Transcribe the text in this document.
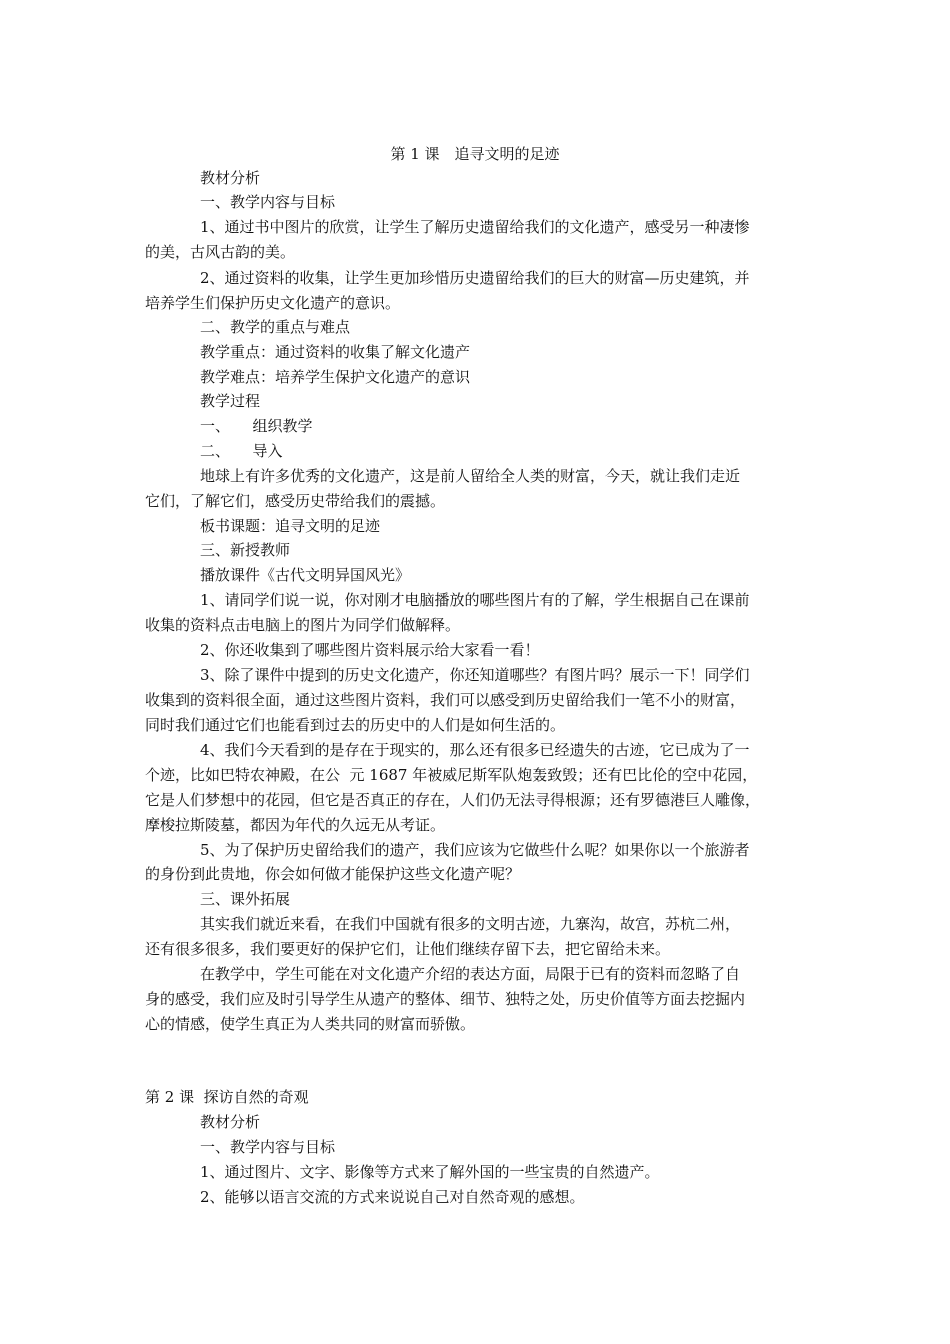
第 1 课　追寻文明的足迹

教材分析

一、教学内容与目标

1、通过书中图片的欣赏，让学生了解历史遗留给我们的文化遗产，感受另一种凄惨

的美，古风古韵的美。

2、通过资料的收集，让学生更加珍惜历史遗留给我们的巨大的财富—历史建筑，并

培养学生们保护历史文化遗产的意识。

二、教学的重点与难点

教学重点：通过资料的收集了解文化遗产

教学难点：培养学生保护文化遗产的意识

教学过程

一、　　组织教学

二、　　导入

地球上有许多优秀的文化遗产，这是前人留给全人类的财富，今天，就让我们走近

它们，了解它们，感受历史带给我们的震撼。

板书课题：追寻文明的足迹

三、新授教师

播放课件《古代文明异国风光》

1、请同学们说一说，你对刚才电脑播放的哪些图片有的了解，学生根据自己在课前

收集的资料点击电脑上的图片为同学们做解释。

2、你还收集到了哪些图片资料展示给大家看一看！

3、除了课件中提到的历史文化遗产，你还知道哪些？有图片吗？展示一下！同学们

收集到的资料很全面，通过这些图片资料，我们可以感受到历史留给我们一笔不小的财富，

同时我们通过它们也能看到过去的历史中的人们是如何生活的。

4、我们今天看到的是存在于现实的，那么还有很多已经遗失的古迹，它已成为了一

个迹，比如巴特农神殿，在公  元 1687 年被威尼斯军队炮轰致毁；还有巴比伦的空中花园，

它是人们梦想中的花园，但它是否真正的存在，人们仍无法寻得根源；还有罗德港巨人雕像，

摩梭拉斯陵墓，都因为年代的久远无从考证。

5、为了保护历史留给我们的遗产，我们应该为它做些什么呢？如果你以一个旅游者

的身份到此贵地，你会如何做才能保护这些文化遗产呢？

三、课外拓展

其实我们就近来看，在我们中国就有很多的文明古迹，九寨沟，故宫，苏杭二州，

还有很多很多，我们要更好的保护它们，让他们继续存留下去，把它留给未来。

在教学中，学生可能在对文化遗产介绍的表达方面，局限于已有的资料而忽略了自

身的感受，我们应及时引导学生从遗产的整体、细节、独特之处，历史价值等方面去挖掘内

心的情感，使学生真正为人类共同的财富而骄傲。

第 2 课  探访自然的奇观

教材分析

一、教学内容与目标

1、通过图片、文字、影像等方式来了解外国的一些宝贵的自然遗产。

2、能够以语言交流的方式来说说自己对自然奇观的感想。
